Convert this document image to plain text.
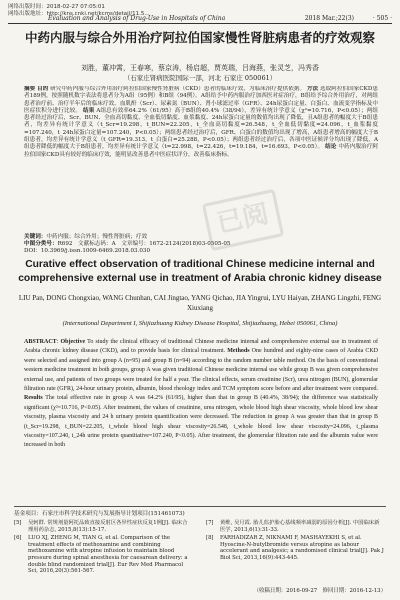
网络出版时间：2018-02-27 07:05:01
网络出版地址：http://kns.cnki.net/kcms/detail/11.5...
Evaluation and Analysis of Drug-Use in Hospitals of China	2018 Mar.;22(3)	· 505 ·
中药内服与综合外用治疗阿拉伯国家慢性肾脏病患者的疗效观察
刘胜，董冲霄，王春寒，蔡京涛，杨启超，贾英瑞，吕海燕，张灵芝，冯秀香
（石家庄肾病医院国际一部，河北 石家庄 050061）
摘要 目的 研究中药内服与综合外用治疗阿拉伯国家慢性肾脏病（CKD）患者的临床疗效，为临床治疗提供依据。 方法 选取阿拉伯国家CKD患者189例，按照随机数字表法将患者分为A组（95例）和B组（94例）。A组给予中药内服治疗加西医对症治疗，B组给予综合外用治疗，对两组患者治疗前、治疗半年后的临床疗效、血肌酐（Scr）、尿素氮（BUN）、肾小球滤过率（GFR）、24h尿蛋白定量、白蛋白、血流变学指标及中医症状积分进行比较。 结果 A组总有效率64.2%（61/95）高于B组的40.4%（38/94），差异有统计学意义（χ²=10.716，P<0.05）；两组患者经过治疗后，Scr、BUN、全血高切黏度、全血低切黏度、血浆黏度、24h尿蛋白定量的数值均出现了降低，且A组患者的幅度大于B组患者，均差异有统计学意义（t_Scr=19.298，t_BUN=22.205，t_全血高切黏度=26.548，t_全血低切黏度=24.096，t_血浆黏度=107.240，t_24h尿蛋白定量=107.240，P<0.05）；两组患者经过治疗后，GFR、白蛋白的数值均出现了增高，A组患者增高的幅度大于B组患者，均差异有统计学意义（t_GFR=19.313，t_白蛋白=25.288，P<0.05）；两组患者经过治疗后，各项中医证候评分均出现了降低，A组患者降低的幅度大于B组患者，均差异有统计学意义（t=22.998，t=22.426，t=19.184，t=16.693，P<0.05）。 结论 中药内服治疗阿拉伯国家CKD具有较好的临床疗效，能明显改善患者中医症状评分，改善临床指标。
关键词：中药内服；综合外用；慢性肾脏病；疗效
中图分类号：R692　文献标志码：A　文章编号：1672-2124(2018)03-0505-05
DOI：10.3969/j.issn.1009-6469.2018.03.030
已阅
Curative effect observation of traditional Chinese medicine internal and comprehensive external use in treatment of Arabia chronic kidney disease
LIU Pan, DONG Chongxiao, WANG Chunhan, CAI Jingtao, YANG Qichao, JIA Yingrui, LYU Haiyan, ZHANG Lingzhi, FENG Xiuxiang
(International Department I, Shijiazhuang Kidney Disease Hospital, Shijiazhuang, Hebei 050061, China)
ABSTRACT: Objective To study the clinical efficacy of traditional Chinese medicine internal and comprehensive external use in treatment of Arabia chronic kidney disease (CKD), and to provide basis for clinical treatment. Methods One hundred and eighty-nine cases of Arabia CKD were selected and assigned into group A (n=95) and group B (n=94) according to the random number table method. On the basis of conventional western medicine treatment in both groups, group A was given traditional Chinese medicine internal use while group B was given comprehensive external use, and patients of two groups were treated for half a year. The clinical effects, serum creatinine (Scr), urea nitrogen (BUN), glomerular filtration rate (GFR), 24-hour urinary protein, albumin, blood rheology index and TCM symptom score before and after treatment were compared. Results The total effective rate in group A was 64.2% (61/95), higher than that in group B (40.4%, 38/94); the difference was statistically significant (χ²=10.716, P<0.05). After treatment, the values of creatinine, urea nitrogen, whole blood high shear viscosity, whole blood low shear viscosity, plasma viscosity and 24 h urinary protein quantification were decreased. The reduction in group A was greater than that in group B (t_Scr=19.298, t_BUN=22.205, t_whole blood high shear viscosity=26.548, t_whole blood low shear viscosity=24.096, t_plasma viscosity=107.240, t_24h urine protein quantitative=107.240, P<0.05). After treatment, the glomerular filtration rate and the albumin value were increased in both
基金项目：石家庄市科学技术研究与发展指导计划项目(151461073)
[5]	吴轲群. 常规剂量阿托品致直接反射区各异性症状反复1例[J]. 临床合理用药杂志, 2015,8(13):15-17.
[6]	LUO XJ, ZHENG M, TIAN G, et al. Comparison of the treatment effects of methoxamine and combining methoxamine with atropine infusion to maintain blood pressure during spinal anesthesia for caesarean delivery: a double blind randomized trial[J]. Eur Rev Med Pharmacol Sci, 2016,20(3):561-567.
[7]	黄维, 吴月霞. 胎儿监护胎心基线频率减弱的原因分析[J]. 中国临床新医学, 2013,6(1):31-33.
[8]	FARHADIZAR Z, NIKNAMI F, MASHAYEKHI S, et al. Hyoscine-N-butylbromide versus atropine as labour accelerant and analgesic; a randomised clinical trial[J]. Pak J Biol Sci, 2013,16(9):443-445.
（收稿日期：2016-09-27　修回日期：2016-12-13）
